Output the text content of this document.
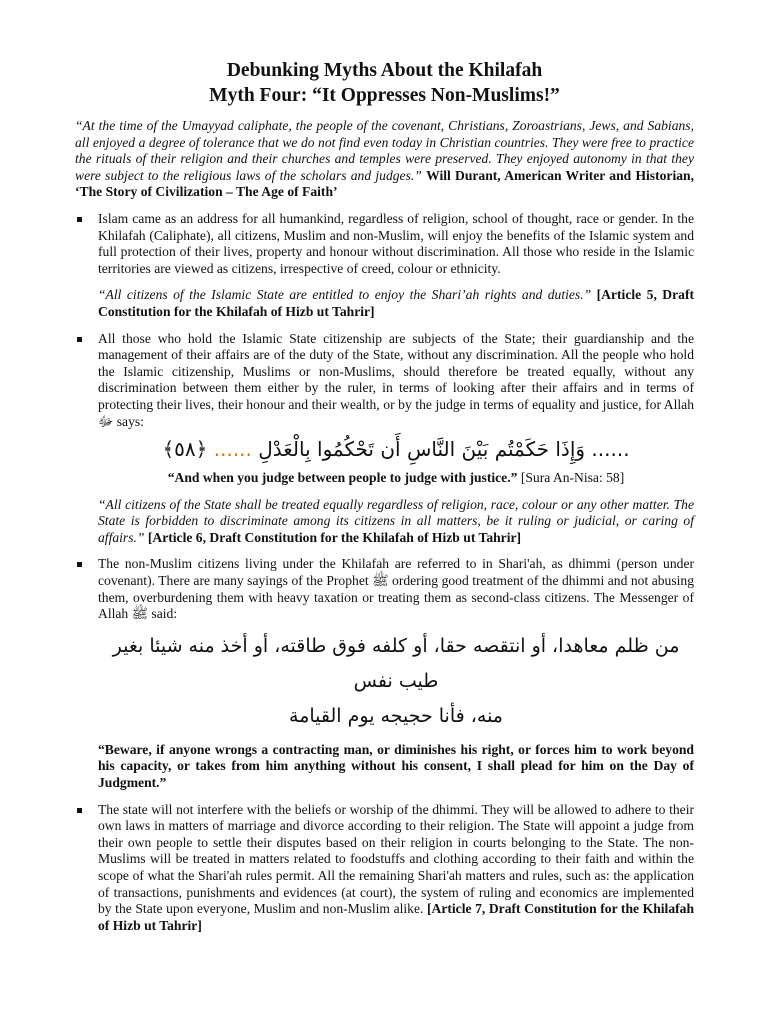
Debunking Myths About the Khilafah
Myth Four: “It Oppresses Non-Muslims!”

“At the time of the Umayyad caliphate, the people of the covenant, Christians, Zoroastrians, Jews, and Sabians, all enjoyed a degree of tolerance that we do not find even today in Christian countries. They were free to practice the rituals of their religion and their churches and temples were preserved. They enjoyed autonomy in that they were subject to the religious laws of the scholars and judges.” Will Durant, American Writer and Historian, ‘The Story of Civilization – The Age of Faith’

Islam came as an address for all humankind, regardless of religion, school of thought, race or gender. In the Khilafah (Caliphate), all citizens, Muslim and non-Muslim, will enjoy the benefits of the Islamic system and full protection of their lives, property and honour without discrimination. All those who reside in the Islamic territories are viewed as citizens, irrespective of creed, colour or ethnicity.

“All citizens of the Islamic State are entitled to enjoy the Shari’ah rights and duties.” [Article 5, Draft Constitution for the Khilafah of Hizb ut Tahrir]

All those who hold the Islamic State citizenship are subjects of the State; their guardianship and the management of their affairs are of the duty of the State, without any discrimination. All the people who hold the Islamic citizenship, Muslims or non-Muslims, should therefore be treated equally, without any discrimination between them either by the ruler, in terms of looking after their affairs and in terms of protecting their lives, their honour and their wealth, or by the judge in terms of equality and justice, for Allah ﷻ says:
...... وَإِذَا حَكَمْتُم بَيْنَ النَّاسِ أَن تَحْكُمُوا بِالْعَدْلِ ...... ﴿٥٨﴾

“And when you judge between people to judge with justice.” [Sura An-Nisa: 58]

“All citizens of the State shall be treated equally regardless of religion, race, colour or any other matter. The State is forbidden to discriminate among its citizens in all matters, be it ruling or judicial, or caring of affairs.” [Article 6, Draft Constitution for the Khilafah of Hizb ut Tahrir]

The non-Muslim citizens living under the Khilafah are referred to in Shari'ah, as dhimmi (person under covenant). There are many sayings of the Prophet ﷺ ordering good treatment of the dhimmi and not abusing them, overburdening them with heavy taxation or treating them as second-class citizens. The Messenger of Allah ﷺ said:
من ظلم معاهدا، أو انتقصه حقا، أو كلفه فوق طاقته، أو أخذ منه شيئا بغير طيب نفس
منه، فأنا حجيجه يوم القيامة

“Beware, if anyone wrongs a contracting man, or diminishes his right, or forces him to work beyond his capacity, or takes from him anything without his consent, I shall plead for him on the Day of Judgment.”

The state will not interfere with the beliefs or worship of the dhimmi. They will be allowed to adhere to their own laws in matters of marriage and divorce according to their religion. The State will appoint a judge from their own people to settle their disputes based on their religion in courts belonging to the State. The non-Muslims will be treated in matters related to foodstuffs and clothing according to their faith and within the scope of what the Shari'ah rules permit. All the remaining Shari'ah matters and rules, such as: the application of transactions, punishments and evidences (at court), the system of ruling and economics are implemented by the State upon everyone, Muslim and non-Muslim alike. [Article 7, Draft Constitution for the Khilafah of Hizb ut Tahrir]
